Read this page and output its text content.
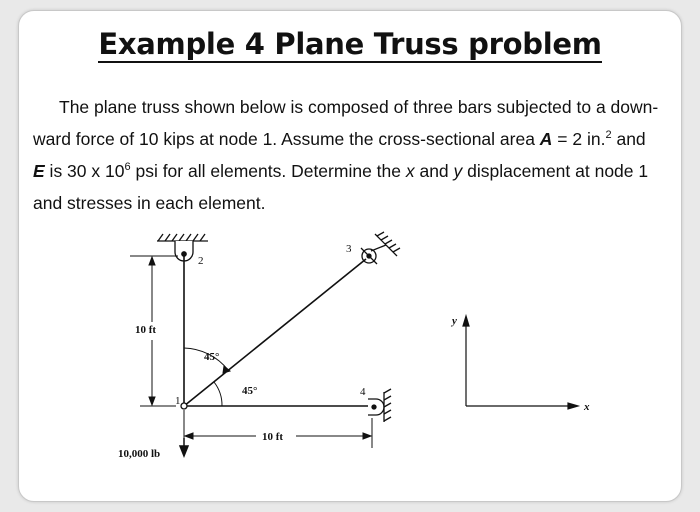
Example 4 Plane Truss problem
The plane truss shown below is composed of three bars subjected to a down-
ward force of 10 kips at node 1. Assume the cross-sectional area A = 2 in.$^2$ and
E is 30 x $10^6$ psi for all elements. Determine the x and y displacement at node 1
and stresses in each element.
2
3
1
4
10 ft
10 ft
45°
45°
10,000 lb
y
x
